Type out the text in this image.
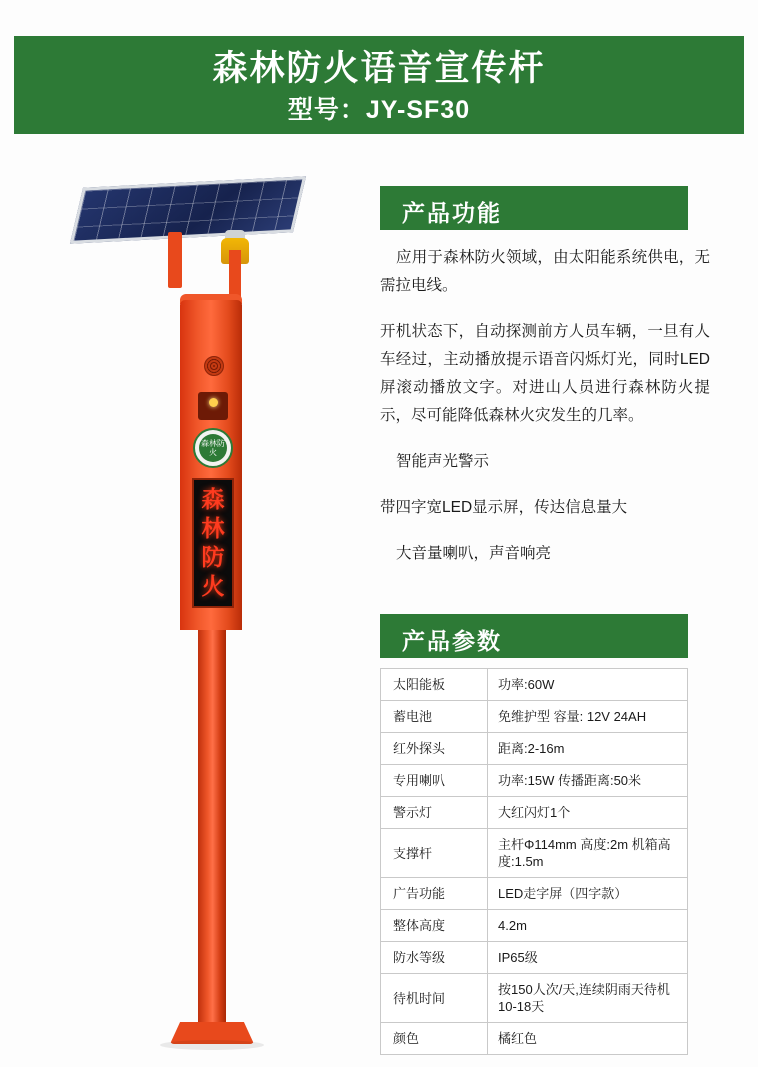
森林防火语音宣传杆
型号：JY-SF30
森林防火
森
林
防
火
产品功能

应用于森林防火领域，由太阳能系统供电，无需拉电线。

开机状态下，自动探测前方人员车辆，一旦有人车经过，主动播放提示语音闪烁灯光，同时LED屏滚动播放文字。对进山人员进行森林防火提示，尽可能降低森林火灾发生的几率。

智能声光警示

带四字宽LED显示屏，传达信息量大

大音量喇叭，声音响亮

产品参数
太阳能板	功率:60W
蓄电池	免维护型 容量: 12V 24AH
红外探头	距离:2-16m
专用喇叭	功率:15W 传播距离:50米
警示灯	大红闪灯1个
支撑杆	主杆Φ114mm 高度:2m 机箱高度:1.5m
广告功能	LED走字屏（四字款）
整体高度	4.2m
防水等级	IP65级
待机时间	按150人次/天,连续阴雨天待机10-18天
颜色	橘红色
